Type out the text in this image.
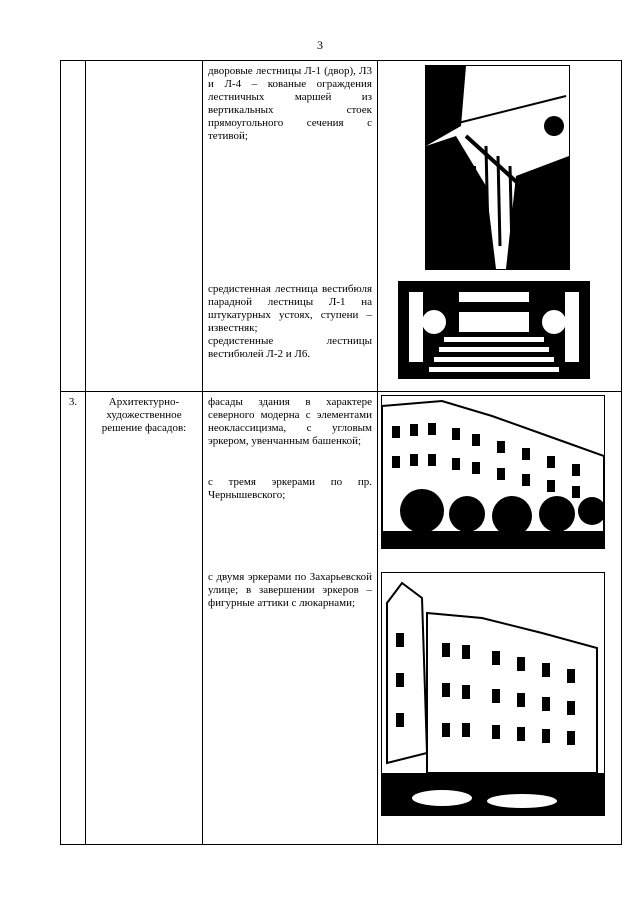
3

		дворовые лестницы Л-1 (двор), Л3 и Л-4 – кованые ограждения лестничных маршей из вертикальных стоек прямоугольного сечения с тетивой;
средистенная лестница вестибюля парадной лестницы Л-1 на штукатурных устоях, ступени – известняк;
средистенные лестницы вестибюлей Л-2 и Л6.

3.	Архитектурно-художественное решение фасадов:	фасады здания в характере северного модерна с элементами неоклассицизма, с угловым эркером, увенчанным башенкой;
с тремя эркерами по пр. Чернышевского;
с двумя эркерами по Захарьевской улице; в завершении эркеров – фигурные аттики с люкарнами;
